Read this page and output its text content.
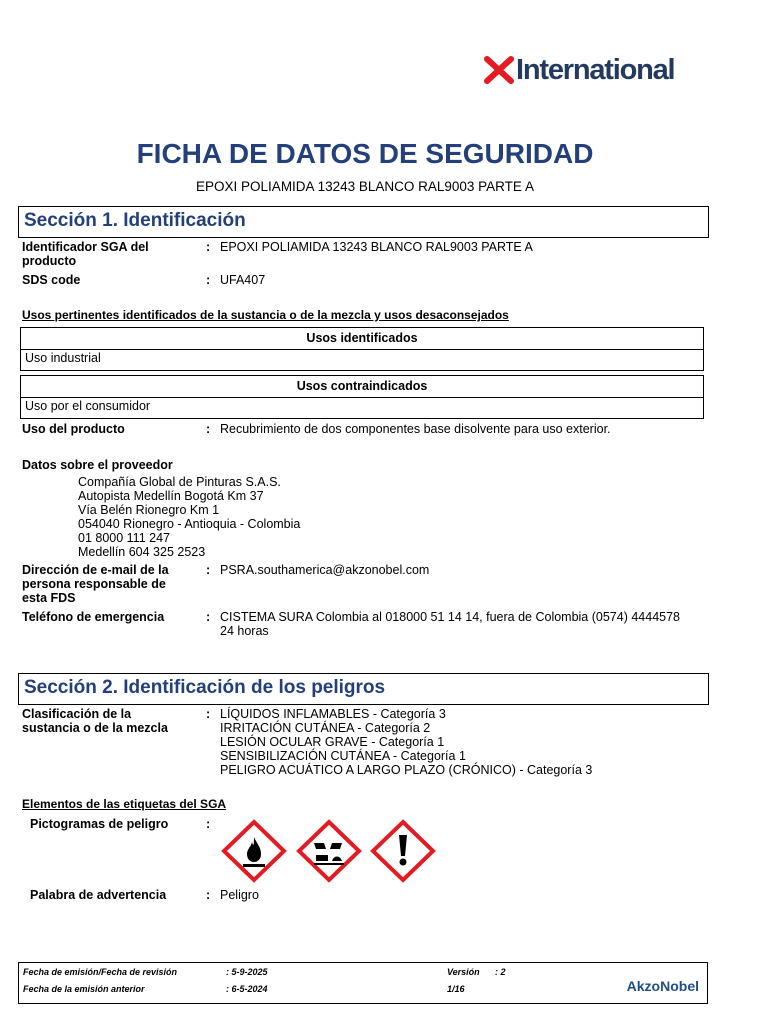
International
FICHA DE DATOS DE SEGURIDAD
EPOXI POLIAMIDA 13243 BLANCO RAL9003 PARTE A
Sección 1. Identificación
Identificador SGA del producto
: EPOXI POLIAMIDA 13243 BLANCO RAL9003 PARTE A
SDS code	: UFA407
Usos pertinentes identificados de la sustancia o de la mezcla y usos desaconsejados
Usos identificados
Uso industrial
Usos contraindicados
Uso por el consumidor
Uso del producto	: Recubrimiento de dos componentes base disolvente para uso exterior.
Datos sobre el proveedor
Compañía Global de Pinturas S.A.S.
Autopista Medellín Bogotá Km 37
Vía Belén Rionegro Km 1
054040 Rionegro - Antioquia - Colombia
01 8000 111 247
Medellín 604 325 2523
Dirección de e-mail de la persona responsable de esta FDS
: PSRA.southamerica@akzonobel.com
Teléfono de emergencia	: CISTEMA SURA Colombia al 018000 51 14 14, fuera de Colombia (0574) 4444578
24 horas
Sección 2. Identificación de los peligros
Clasificación de la sustancia o de la mezcla
: LÍQUIDOS INFLAMABLES - Categoría 3
IRRITACIÓN CUTÁNEA - Categoría 2
LESIÓN OCULAR GRAVE - Categoría 1
SENSIBILIZACIÓN CUTÁNEA - Categoría 1
PELIGRO ACUÁTICO A LARGO PLAZO (CRÓNICO) - Categoría 3
Elementos de las etiquetas del SGA
Pictogramas de peligro	:
Palabra de advertencia	: Peligro
Fecha de emisión/Fecha de revisión	: 5-9-2025
Fecha de la emisión anterior	: 6-5-2024
Versión : 2
1/16	AkzoNobel
